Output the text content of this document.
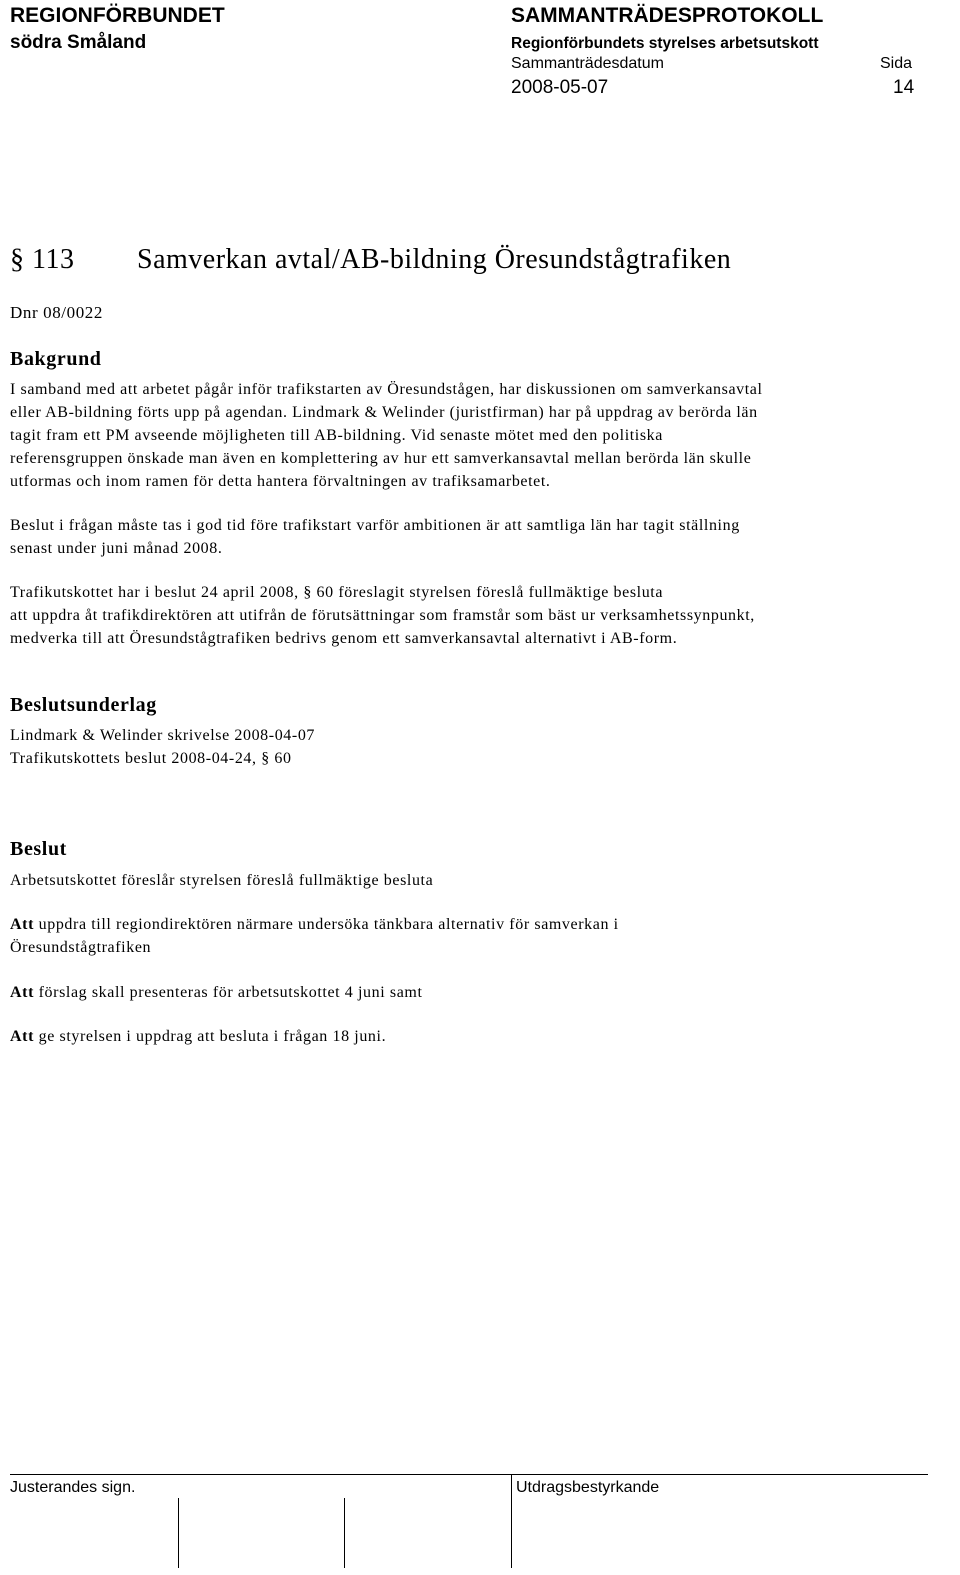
REGIONFÖRBUNDET
södra Småland
SAMMANTRÄDESPROTOKOLL
Regionförbundets styrelses arbetsutskott
Sammanträdesdatum	Sida
2008-05-07	14
§ 113 Samverkan avtal/AB-bildning Öresundstågtrafiken
Dnr 08/0022
Bakgrund
I samband med att arbetet pågår inför trafikstarten av Öresundstågen, har diskussionen om samverkansavtal
eller AB-bildning förts upp på agendan. Lindmark & Welinder (juristfirman) har på uppdrag av berörda län
tagit fram ett PM avseende möjligheten till AB-bildning. Vid senaste mötet med den politiska
referensgruppen önskade man även en komplettering av hur ett samverkansavtal mellan berörda län skulle
utformas och inom ramen för detta hantera förvaltningen av trafiksamarbetet.
Beslut i frågan måste tas i god tid före trafikstart varför ambitionen är att samtliga län har tagit ställning
senast under juni månad 2008.
Trafikutskottet har i beslut 24 april 2008, § 60 föreslagit styrelsen föreslå fullmäktige besluta
att uppdra åt trafikdirektören att utifrån de förutsättningar som framstår som bäst ur verksamhetssynpunkt,
medverka till att Öresundstågtrafiken bedrivs genom ett samverkansavtal alternativt i AB-form.
Beslutsunderlag
Lindmark & Welinder skrivelse 2008-04-07
Trafikutskottets beslut 2008-04-24, § 60
Beslut
Arbetsutskottet föreslår styrelsen föreslå fullmäktige besluta
Att uppdra till regiondirektören närmare undersöka tänkbara alternativ för samverkan i
Öresundstågtrafiken
Att förslag skall presenteras för arbetsutskottet 4 juni samt
Att ge styrelsen i uppdrag att besluta i frågan 18 juni.
Justerandes sign.	Utdragsbestyrkande
